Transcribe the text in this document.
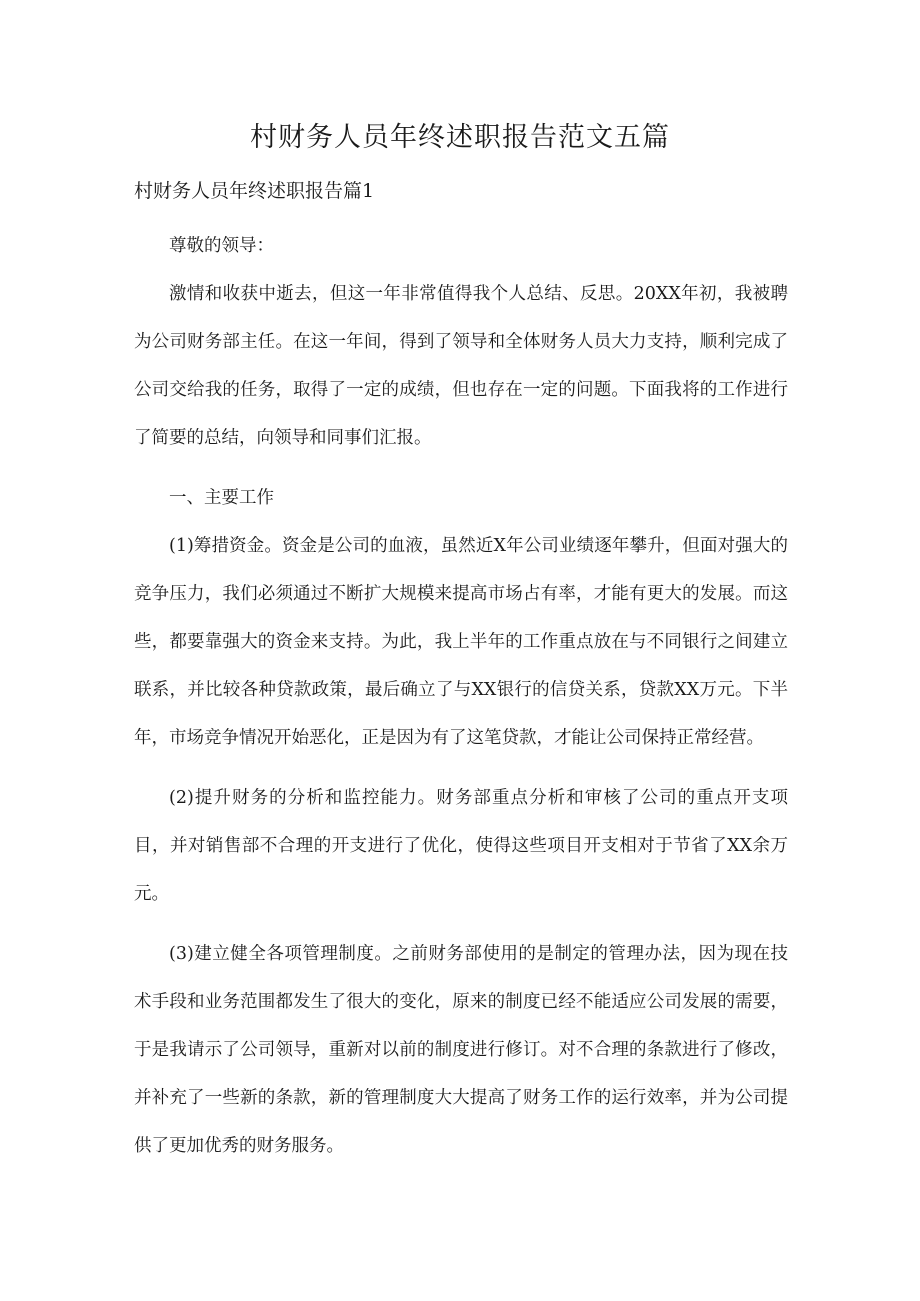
村财务人员年终述职报告范文五篇
村财务人员年终述职报告篇1

尊敬的领导：

激情和收获中逝去，但这一年非常值得我个人总结、反思。20XX年初，我被聘为公司财务部主任。在这一年间，得到了领导和全体财务人员大力支持，顺利完成了公司交给我的任务，取得了一定的成绩，但也存在一定的问题。下面我将的工作进行了简要的总结，向领导和同事们汇报。

一、主要工作

(1)筹措资金。资金是公司的血液，虽然近X年公司业绩逐年攀升，但面对强大的竞争压力，我们必须通过不断扩大规模来提高市场占有率，才能有更大的发展。而这些，都要靠强大的资金来支持。为此，我上半年的工作重点放在与不同银行之间建立联系，并比较各种贷款政策，最后确立了与XX银行的信贷关系，贷款XX万元。下半年，市场竞争情况开始恶化，正是因为有了这笔贷款，才能让公司保持正常经营。

(2)提升财务的分析和监控能力。财务部重点分析和审核了公司的重点开支项目，并对销售部不合理的开支进行了优化，使得这些项目开支相对于节省了XX余万元。

(3)建立健全各项管理制度。之前财务部使用的是制定的管理办法，因为现在技术手段和业务范围都发生了很大的变化，原来的制度已经不能适应公司发展的需要，于是我请示了公司领导，重新对以前的制度进行修订。对不合理的条款进行了修改，并补充了一些新的条款，新的管理制度大大提高了财务工作的运行效率，并为公司提供了更加优秀的财务服务。
